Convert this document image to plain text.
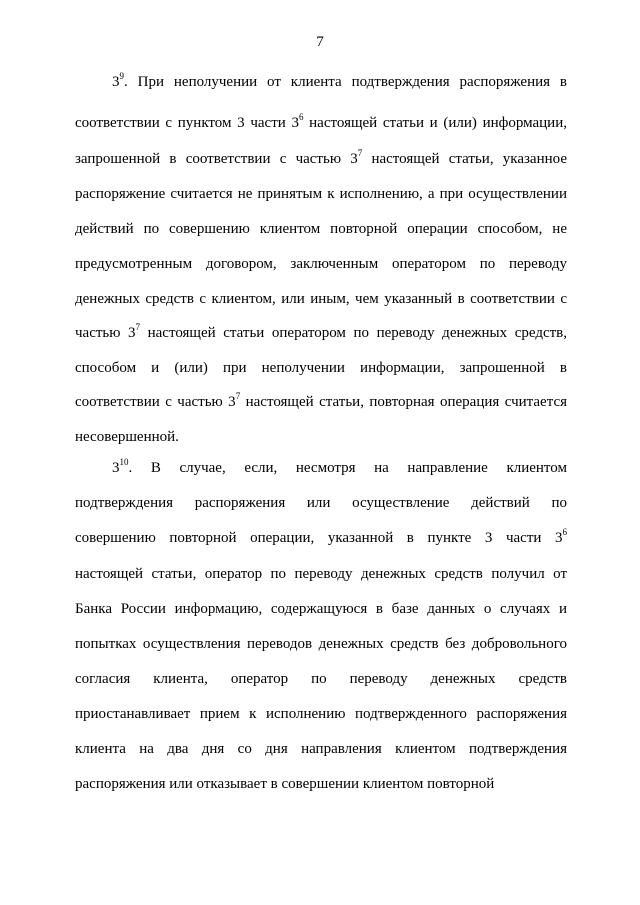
7
$3^9$. При неполучении от клиента подтверждения распоряжения в
соответствии с пунктом 3 части $3^6$ настоящей статьи и (или) информации,
запрошенной в соответствии с частью $3^7$ настоящей статьи, указанное
распоряжение считается не принятым к исполнению, а при осуществлении
действий по совершению клиентом повторной операции способом, не
предусмотренным договором, заключенным оператором по переводу
денежных средств с клиентом, или иным, чем указанный в соответствии с
частью $3^7$ настоящей статьи оператором по переводу денежных средств,
способом и (или) при неполучении информации, запрошенной в
соответствии с частью $3^7$ настоящей статьи, повторная операция считается
несовершенной.
$3^{10}$. В случае, если, несмотря на направление клиентом
подтверждения распоряжения или осуществление действий по
совершению повторной операции, указанной в пункте 3 части $3^6$
настоящей статьи, оператор по переводу денежных средств получил от
Банка России информацию, содержащуюся в базе данных о случаях и
попытках осуществления переводов денежных средств без добровольного
согласия клиента, оператор по переводу денежных средств
приостанавливает прием к исполнению подтвержденного распоряжения
клиента на два дня со дня направления клиентом подтверждения
распоряжения или отказывает в совершении клиентом повторной
